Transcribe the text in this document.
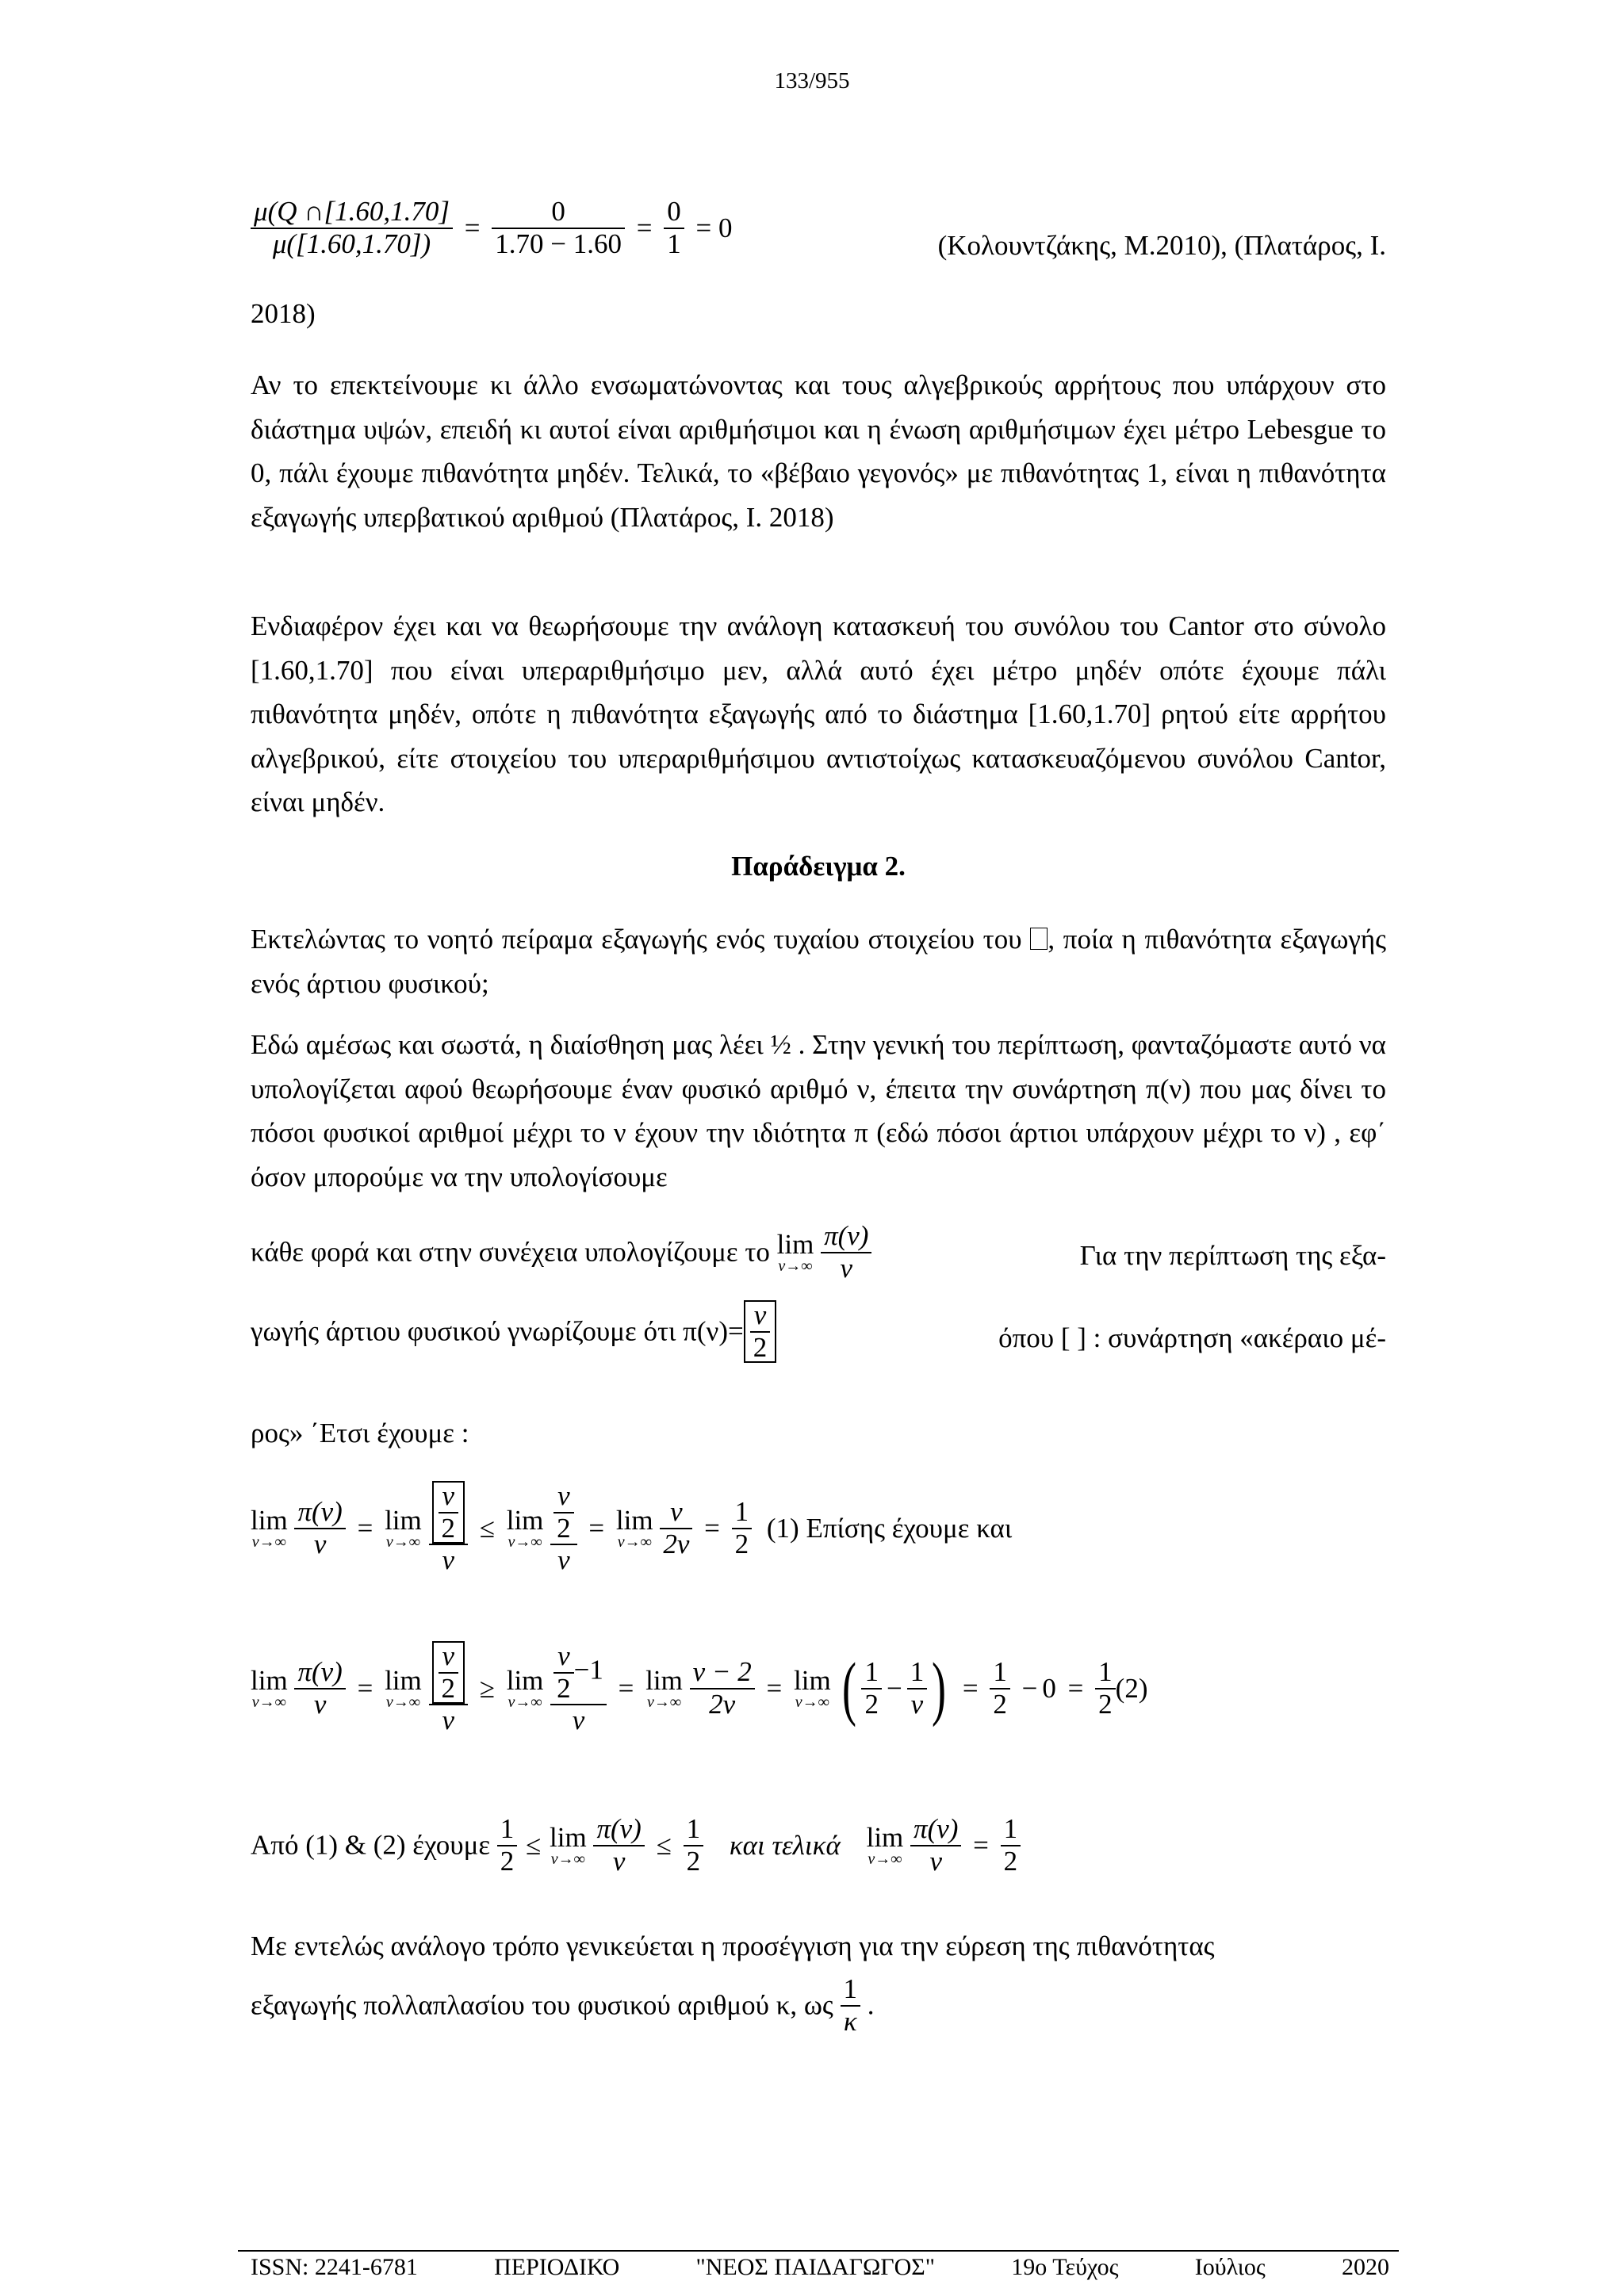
133/955
$\frac{\mu(Q \cap[1.60,1.70]}{\mu([1.60,1.70])} = \frac{0}{1.70 - 1.60} = \frac{0}{1} = 0$
(Κολουντζάκης, Μ.2010), (Πλατάρος, Ι.
2018)

Αν το επεκτείνουμε κι άλλο ενσωματώνοντας και τους αλγεβρικούς αρρήτους που υπάρχουν στο διάστημα υψών, επειδή κι αυτοί είναι αριθμήσιμοι και η ένωση αριθμήσιμων έχει μέτρο Lebesgue το 0, πάλι έχουμε πιθανότητα μηδέν. Τελικά, το «βέβαιο γεγονός» με πιθανότητας 1, είναι η πιθανότητα εξαγωγής υπερβατικού αριθμού (Πλατάρος, Ι. 2018)

Ενδιαφέρον έχει και να θεωρήσουμε την ανάλογη κατασκευή του συνόλου του Cantor στο σύνολο [1.60,1.70] που είναι υπεραριθμήσιμο μεν, αλλά αυτό έχει μέτρο μηδέν οπότε έχουμε πάλι πιθανότητα μηδέν, οπότε η πιθανότητα εξαγωγής από το διάστημα [1.60,1.70] ρητού είτε αρρήτου αλγεβρικού, είτε στοιχείου του υπεραριθμήσιμου αντιστοίχως κατασκευαζόμενου συνόλου Cantor, είναι μηδέν.

Παράδειγμα 2.

Εκτελώντας το νοητό πείραμα εξαγωγής ενός τυχαίου στοιχείου του , ποία η πιθανότητα εξαγωγής ενός άρτιου φυσικού;

Εδώ αμέσως και σωστά, η διαίσθηση μας λέει ½ . Στην γενική του περίπτωση, φανταζόμαστε αυτό να υπολογίζεται αφού θεωρήσουμε έναν φυσικό αριθμό ν, έπειτα την συνάρτηση π(ν) που μας δίνει το πόσοι φυσικοί αριθμοί μέχρι το ν έχουν την ιδιότητα π (εδώ πόσοι άρτιοι υπάρχουν μέχρι το ν) , εφ΄ όσον μπορούμε να την υπολογίσουμε

κάθε φορά και στην συνέχεια υπολογίζουμε το lim
ν→∞
$\frac{\pi(\nu)}{\nu}$	Για την περίπτωση της εξα-
γωγής άρτιου φυσικού γνωρίζουμε ότι $\pi(\nu)= \frac{\nu}{2}$	όπου [ ] : συνάρτηση «ακέραιο μέ-
ρος» ΄Ετσι έχουμε :
lim
ν→∞
$\frac{\pi(\nu)}{\nu} = \lim$
ν→∞
$\frac{\frac{\nu}{2}}{\nu} \le \lim$
ν→∞
$\frac{\frac{\nu}{2}}{\nu} = \lim$
ν→∞
$\frac{\nu}{2\nu} = \frac{1}{2} (1)$ Επίσης έχουμε και
lim
ν→∞
$\frac{\pi(\nu)}{\nu} = \lim$
ν→∞
$\frac{\frac{\nu}{2}}{\nu} \ge \lim$
ν→∞
$\frac{\frac{\nu}{2} -1}{\nu} = \lim$
ν→∞
$\frac{\nu - 2}{2\nu} = \lim$
ν→∞ ( $\frac{1}{2} - \frac{1}{\nu}$ ) = $\frac{1}{2} - 0 = \frac{1}{2} (2)$
Από (1) & (2) έχουμε $\frac{1}{2} \le \lim$
ν→∞
$\frac{\pi(\nu)}{\nu} \le \frac{1}{2}$ και τελικά lim
ν→∞
$\frac{\pi(\nu)}{\nu} = \frac{1}{2}$
Με εντελώς ανάλογο τρόπο γενικεύεται η προσέγγιση για την εύρεση της πιθανότητας
εξαγωγής πολλαπλασίου του φυσικού αριθμού κ, ως $\frac{1}{\kappa}$ .
ISSN: 2241-6781	ΠΕΡΙΟΔΙΚΟ	"ΝΕΟΣ ΠΑΙΔΑΓΩΓΟΣ"	19ο Τεύχος	Ιούλιος	2020
